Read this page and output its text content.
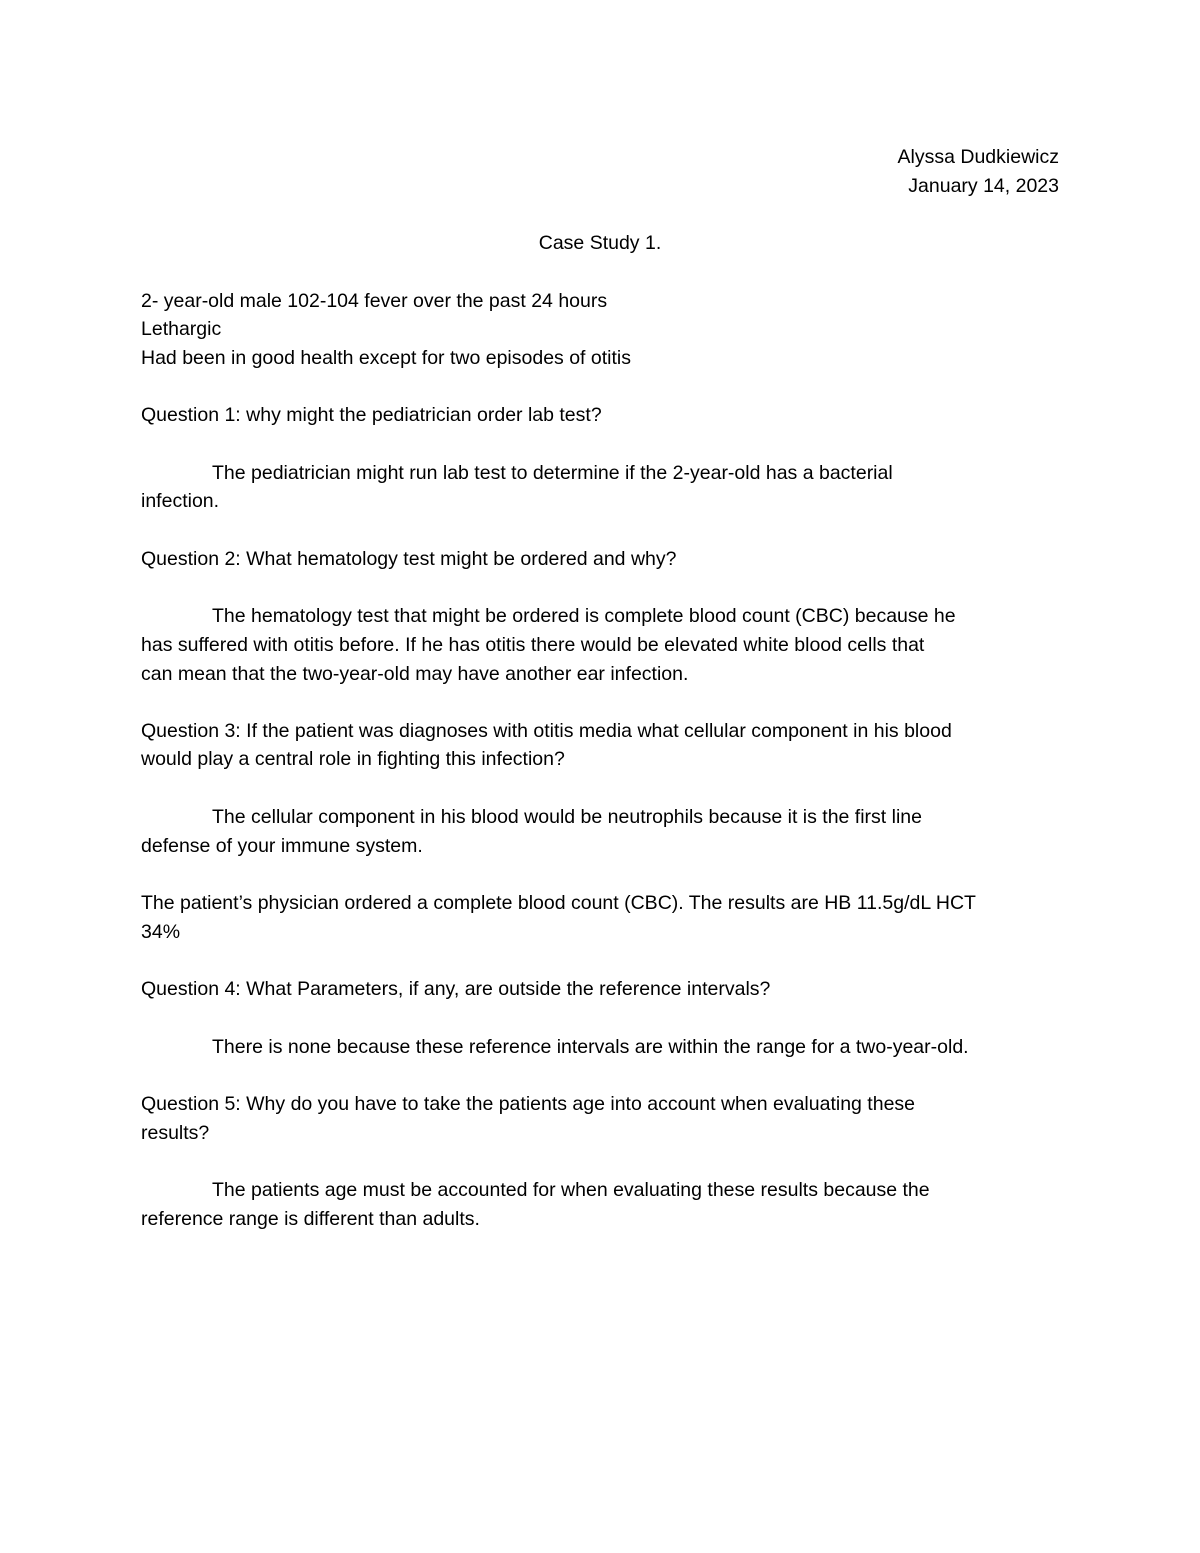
Alyssa Dudkiewicz

January 14, 2023

Case Study 1.

2- year-old male 102-104 fever over the past 24 hours

Lethargic

Had been in good health except for two episodes of otitis

Question 1: why might the pediatrician order lab test?

The pediatrician might run lab test to determine if the 2-year-old has a bacterial

infection.

Question 2: What hematology test might be ordered and why?

The hematology test that might be ordered is complete blood count (CBC) because he

has suffered with otitis before. If he has otitis there would be elevated white blood cells that

can mean that the two-year-old may have another ear infection.

Question 3: If the patient was diagnoses with otitis media what cellular component in his blood

would play a central role in fighting this infection?

The cellular component in his blood would be neutrophils because it is the first line

defense of your immune system.

The patient’s physician ordered a complete blood count (CBC). The results are HB 11.5g/dL HCT

34%

Question 4: What Parameters, if any, are outside the reference intervals?

There is none because these reference intervals are within the range for a two-year-old.

Question 5: Why do you have to take the patients age into account when evaluating these

results?

The patients age must be accounted for when evaluating these results because the

reference range is different than adults.
